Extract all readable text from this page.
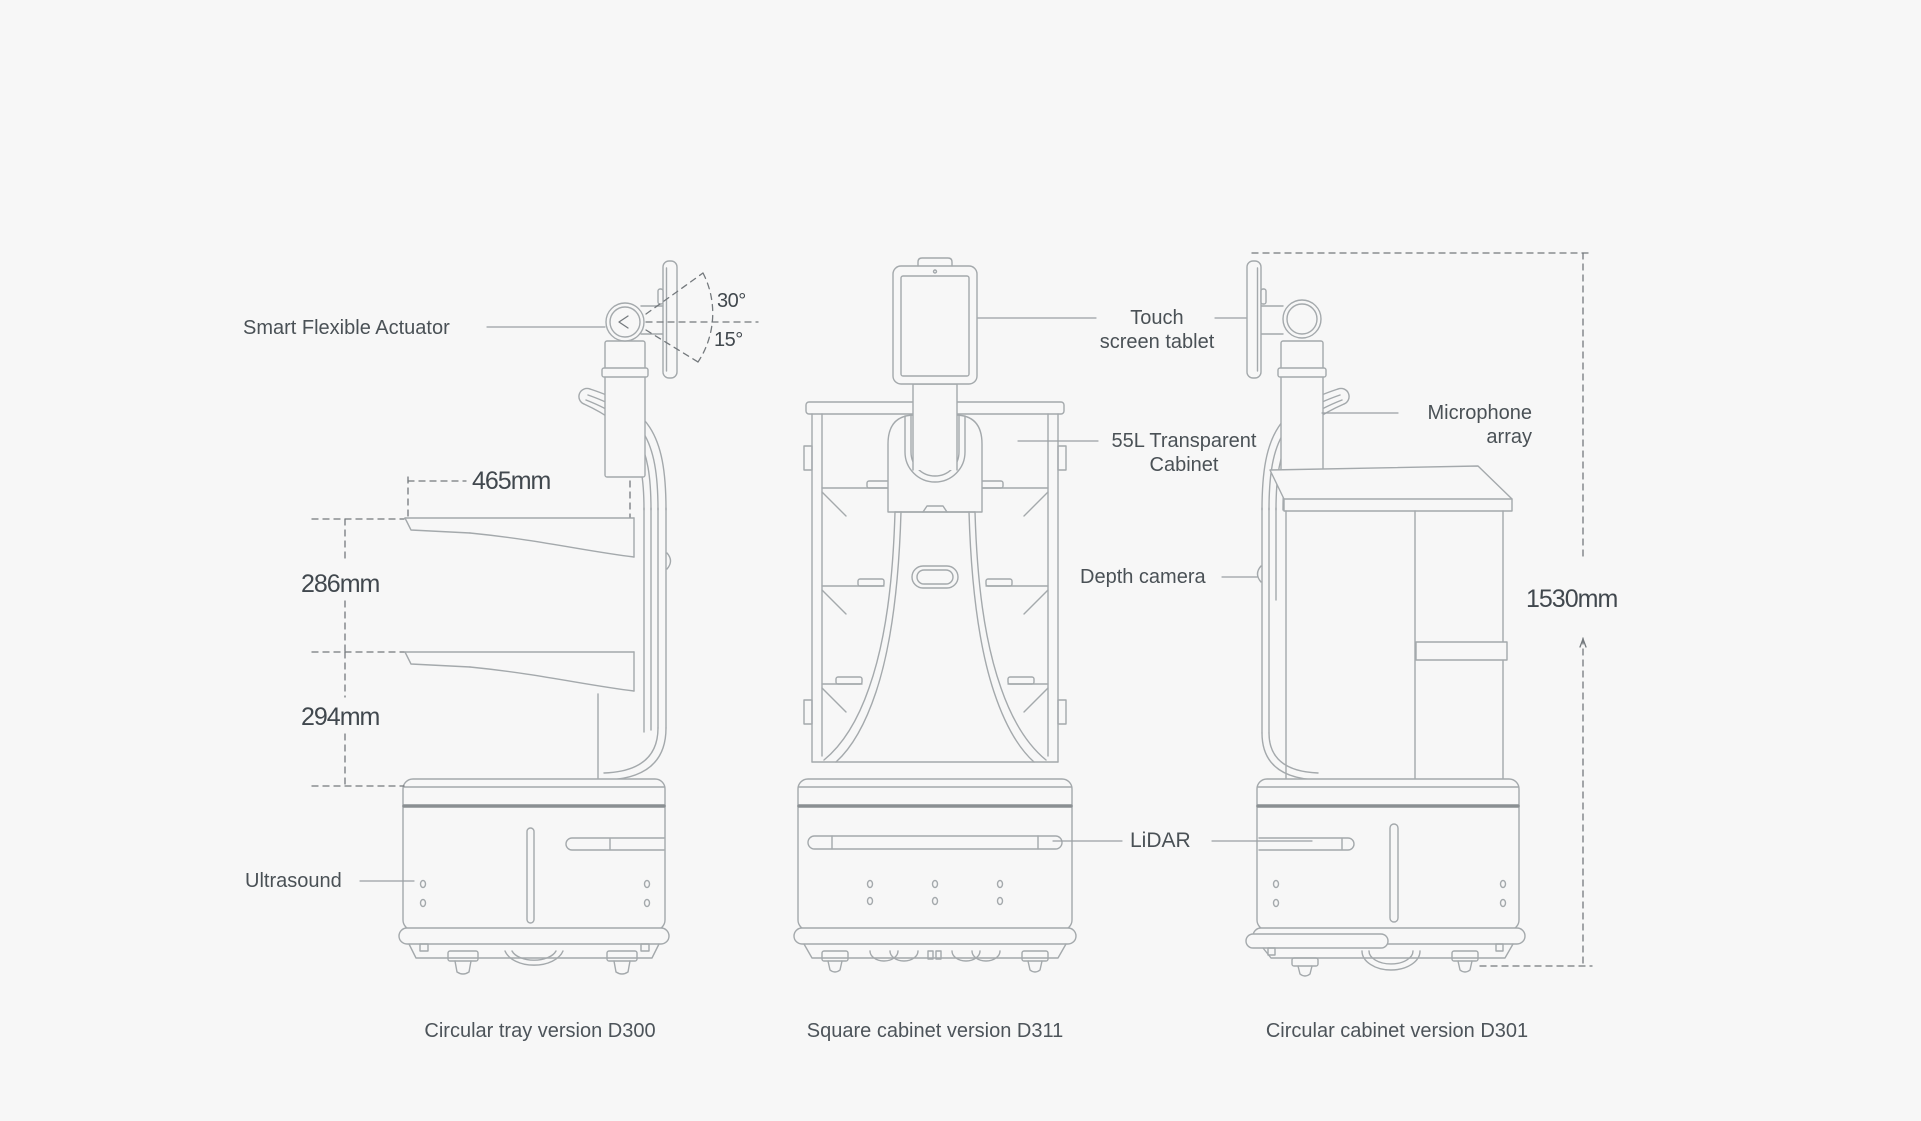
Smart Flexible Actuator
Ultrasound
Touch
screen tablet
55L Transparent
Cabinet
Depth camera
LiDAR
Microphone
array
465mm
286mm
294mm
1530mm
30°
15°
Circular tray version D300	Square cabinet version D311	Circular cabinet version D301
